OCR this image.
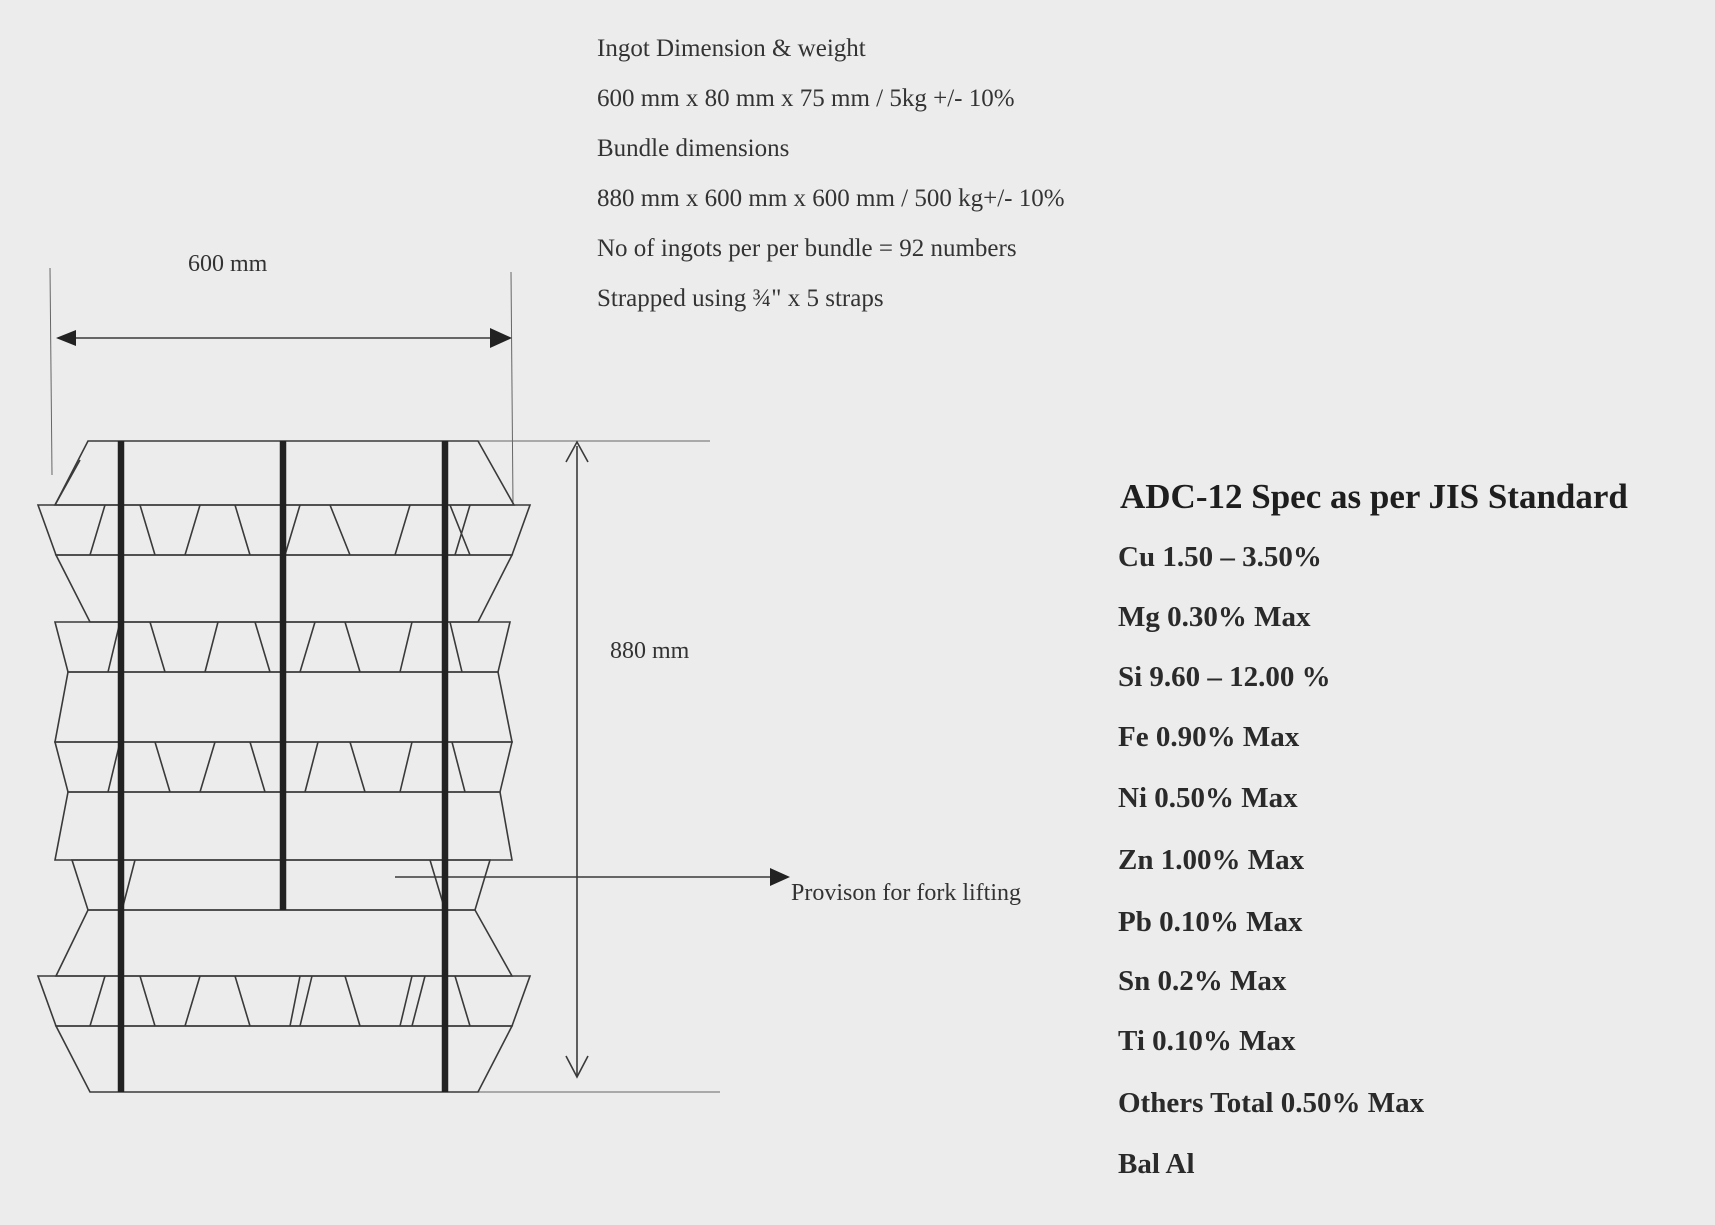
Ingot Dimension & weight
600 mm x 80 mm x 75 mm / 5kg +/- 10%
Bundle dimensions
880 mm x 600 mm x 600 mm / 500 kg+/- 10%
No of ingots per per bundle = 92 numbers
Strapped using ¾" x 5 straps
600 mm
880 mm
Provison for fork lifting
ADC-12 Spec as per JIS Standard
Cu 1.50 – 3.50%
Mg 0.30% Max
Si 9.60 – 12.00 %
Fe 0.90% Max
Ni 0.50% Max
Zn 1.00% Max
Pb 0.10% Max
Sn 0.2% Max
Ti 0.10% Max
Others Total 0.50% Max
Bal Al
